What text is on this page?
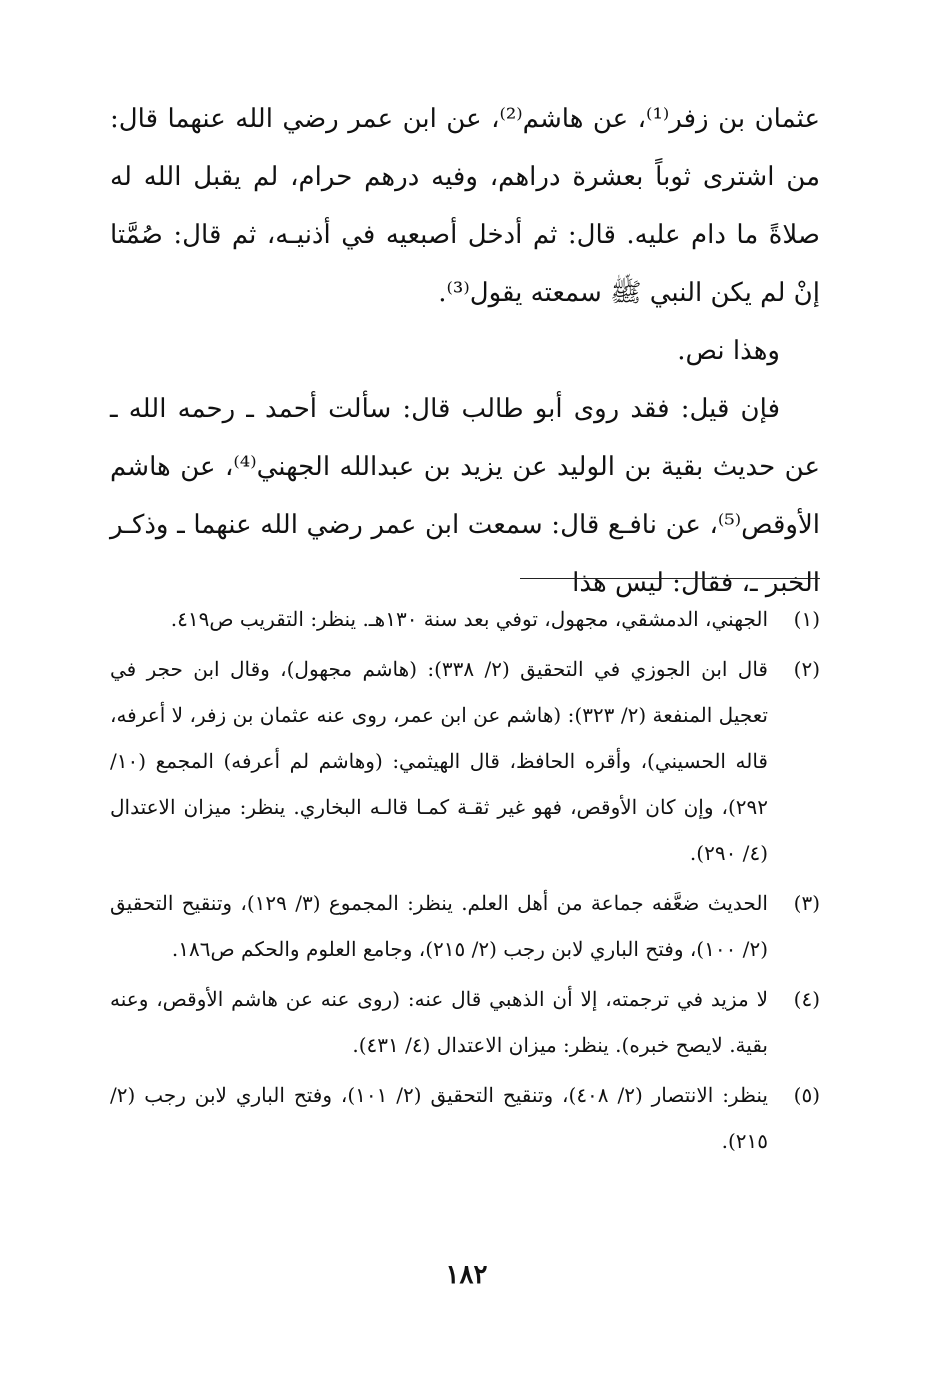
عثمان بن زفر⁽¹⁾، عن هاشم⁽²⁾، عن ابن عمر رضي الله عنهما قال: من اشترى ثوباً بعشرة دراهم، وفيه درهم حرام، لم يقبل الله له صلاةً ما دام عليه. قال: ثم أدخل أصبعيه في أذنيـه، ثم قال: صُمَّتا إنْ لم يكن النبي ﷺ سمعته يقول⁽³⁾.

وهذا نص.

فإن قيل: فقد روى أبو طالب قال: سألت أحمد ـ رحمه الله ـ عن حديث بقية بن الوليد عن يزيد بن عبدالله الجهني⁽⁴⁾، عن هاشم الأوقص⁽⁵⁾، عن نافـع قال: سمعت ابن عمر رضي الله عنهما ـ وذكـر الخبر ـ، فقال: ليس هذا

(١)
الجهني، الدمشقي، مجهول، توفي بعد سنة ١٣٠هـ. ينظر: التقريب ص٤١٩.
(٢)
قال ابن الجوزي في التحقيق (٢/ ٣٣٨): (هاشم مجهول)، وقال ابن حجر في تعجيل المنفعة (٢/ ٣٢٣): (هاشم عن ابن عمر، روى عنه عثمان بن زفر، لا أعرفه، قاله الحسيني)، وأقره الحافظ، قال الهيثمي: (وهاشم لم أعرفه) المجمع (١٠/ ٢٩٢)، وإن كان الأوقص، فهو غير ثقـة كمـا قالـه البخاري. ينظر: ميزان الاعتدال (٤/ ٢٩٠).
(٣)
الحديث ضعَّفه جماعة من أهل العلم. ينظر: المجموع (٣/ ١٢٩)، وتنقيح التحقيق (٢/ ١٠٠)، وفتح الباري لابن رجب (٢/ ٢١٥)، وجامع العلوم والحكم ص١٨٦.
(٤)
لا مزيد في ترجمته، إلا أن الذهبي قال عنه: (روى عنه عن هاشم الأوقص، وعنه بقية. لايصح خبره). ينظر: ميزان الاعتدال (٤/ ٤٣١).
(٥)
ينظر: الانتصار (٢/ ٤٠٨)، وتنقيح التحقيق (٢/ ١٠١)، وفتح الباري لابن رجب (٢/ ٢١٥).
١٨٢
